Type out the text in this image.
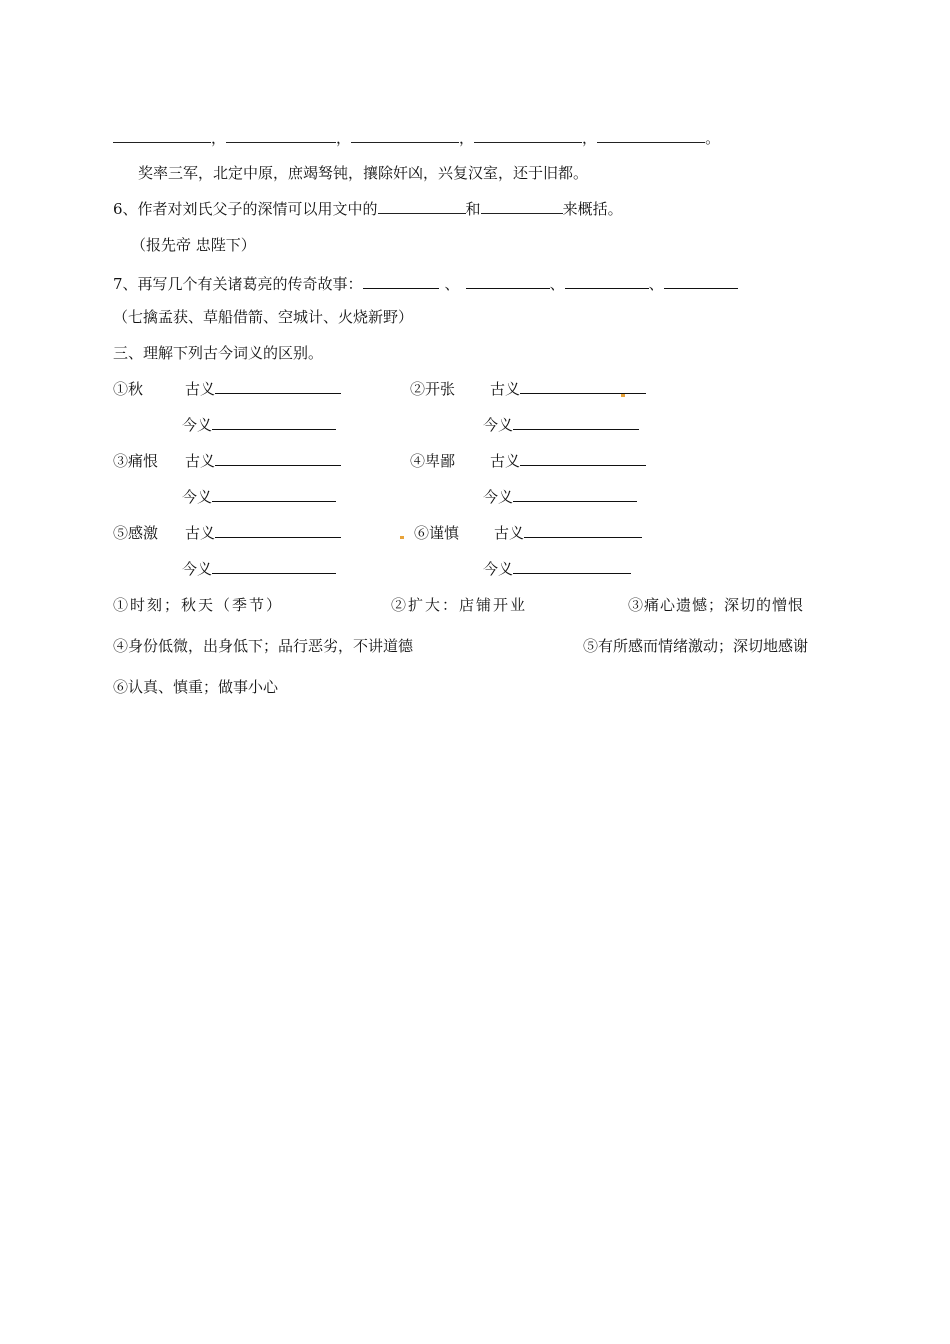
，	，	，	，	。
奖率三军，北定中原，庶竭驽钝，攘除奸凶，兴复汉室，还于旧都。
6、作者对刘氏父子的深情可以用文中的	和	来概括。
（报先帝 忠陛下）
7、再写几个有关诸葛亮的传奇故事：	、	、	、
（七擒孟获、草船借箭、空城计、火烧新野）
三、理解下列古今词义的区别。
①秋	古义	②开张 古义
今义	今义
③痛恨 古义	④卑鄙 古义
今义	今义
⑤感激 古义	⑥谨慎 古义
今义	今义
①时刻；秋天（季节）	②扩大：店铺开业	③痛心遗憾；深切的憎恨
④身份低微，出身低下；品行恶劣，不讲道德	⑤有所感而情绪激动；深切地感谢
⑥认真、慎重；做事小心
